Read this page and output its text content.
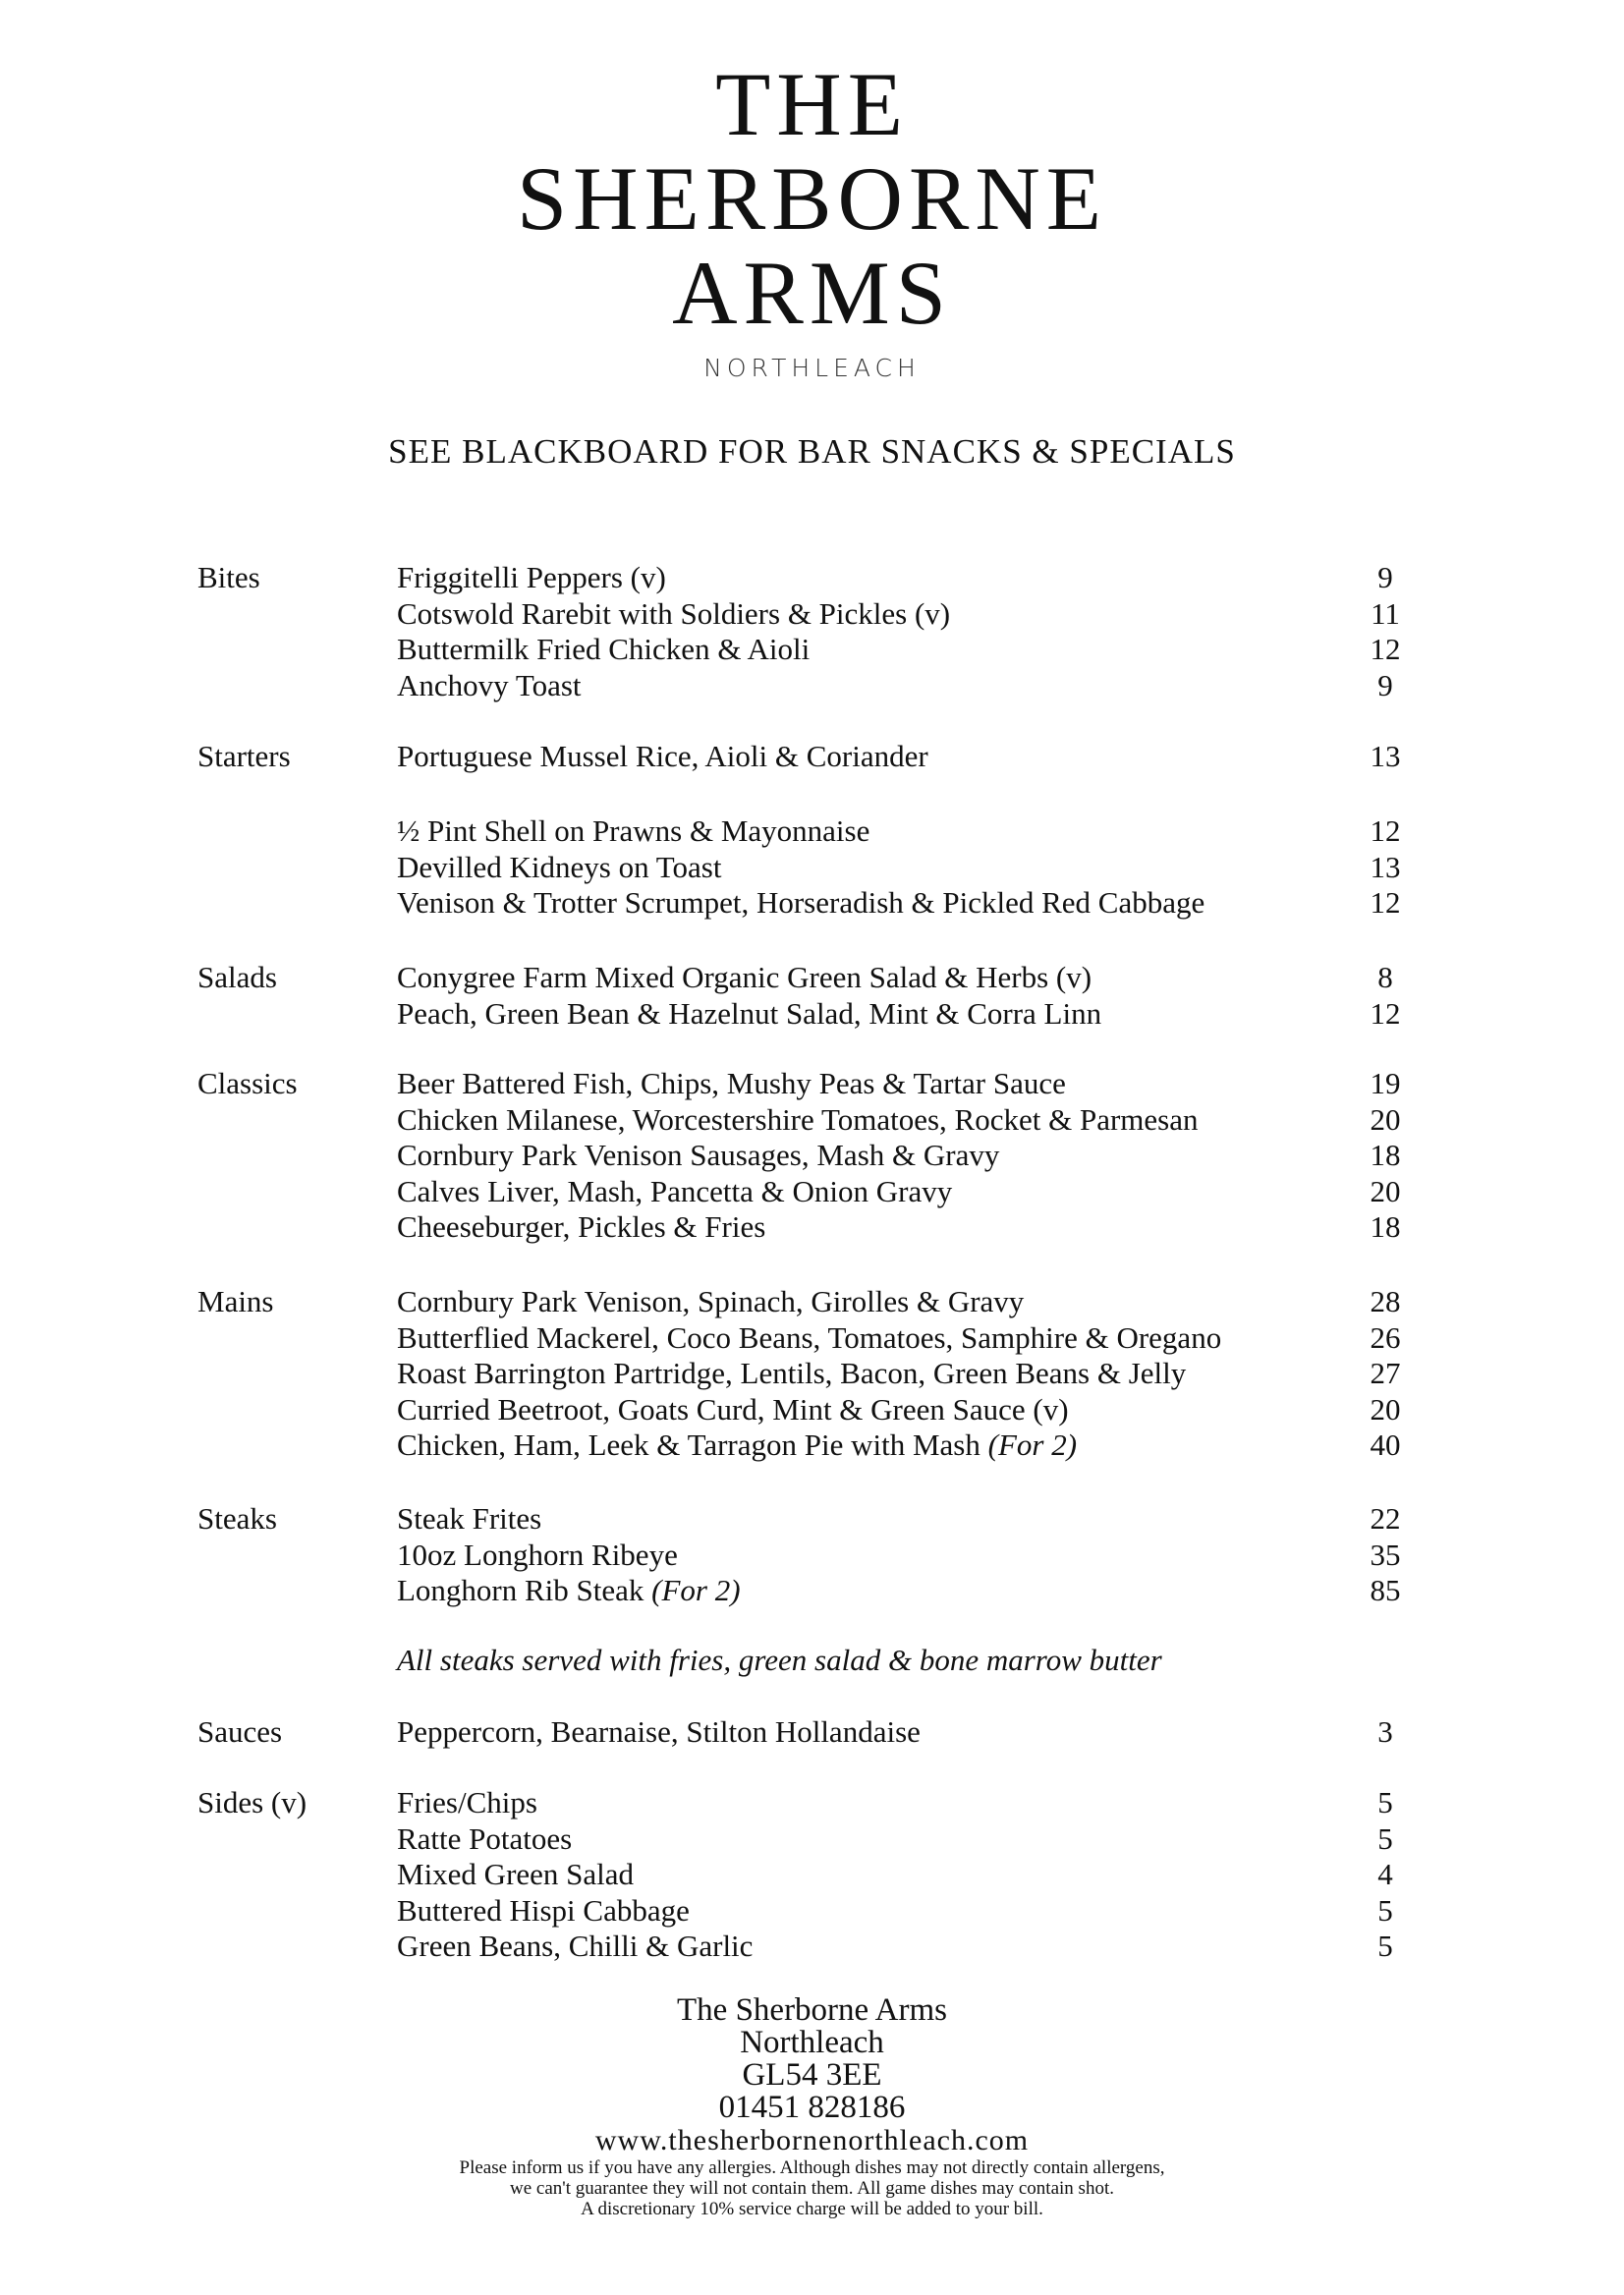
THE
SHERBORNE
ARMS
NORTHLEACH
SEE BLACKBOARD FOR BAR SNACKS & SPECIALS
Bites	Friggitelli Peppers (v)	9
Cotswold Rarebit with Soldiers & Pickles (v)	11
Buttermilk Fried Chicken & Aioli	12
Anchovy Toast	9
Starters	Portuguese Mussel Rice, Aioli & Coriander	13
½ Pint Shell on Prawns & Mayonnaise	12
Devilled Kidneys on Toast	13
Venison & Trotter Scrumpet, Horseradish & Pickled Red Cabbage	12
Salads	Conygree Farm Mixed Organic Green Salad & Herbs (v)	8
Peach, Green Bean & Hazelnut Salad, Mint & Corra Linn	12
Classics	Beer Battered Fish, Chips, Mushy Peas & Tartar Sauce	19
Chicken Milanese, Worcestershire Tomatoes, Rocket & Parmesan	20
Cornbury Park Venison Sausages, Mash & Gravy	18
Calves Liver, Mash, Pancetta & Onion Gravy	20
Cheeseburger, Pickles & Fries	18
Mains	Cornbury Park Venison, Spinach, Girolles & Gravy	28
Butterflied Mackerel, Coco Beans, Tomatoes, Samphire & Oregano	26
Roast Barrington Partridge, Lentils, Bacon, Green Beans & Jelly	27
Curried Beetroot, Goats Curd, Mint & Green Sauce (v)	20
Chicken, Ham, Leek & Tarragon Pie with Mash (For 2)	40
Steaks	Steak Frites	22
10oz Longhorn Ribeye	35
Longhorn Rib Steak (For 2)	85
All steaks served with fries, green salad & bone marrow butter
Sauces	Peppercorn, Bearnaise, Stilton Hollandaise	3
Sides (v)	Fries/Chips	5
Ratte Potatoes	5
Mixed Green Salad	4
Buttered Hispi Cabbage	5
Green Beans, Chilli & Garlic	5
The Sherborne Arms
Northleach
GL54 3EE
01451 828186
www.thesherbornenorthleach.com
Please inform us if you have any allergies. Although dishes may not directly contain allergens,
we can't guarantee they will not contain them. All game dishes may contain shot.
A discretionary 10% service charge will be added to your bill.
